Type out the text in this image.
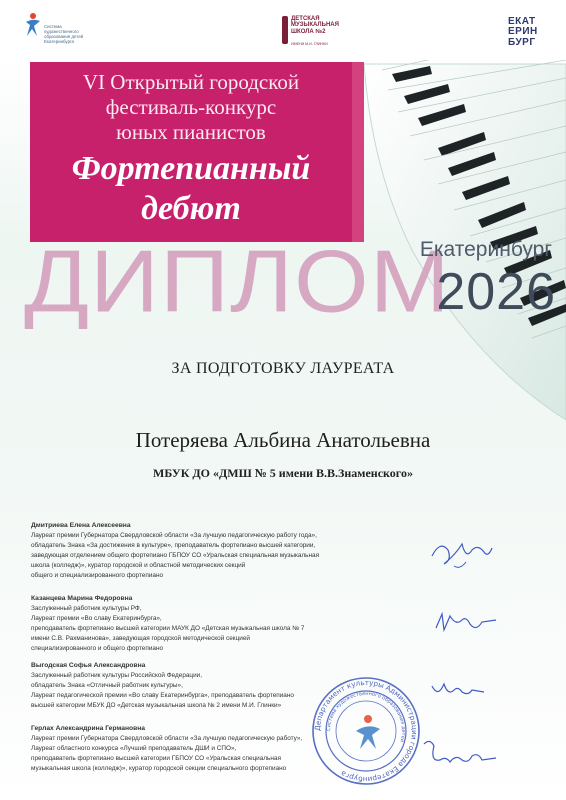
Система художественного образования детей Екатеринбурга
ДЕТСКАЯ МУЗЫКАЛЬНАЯ ШКОЛА №2
ИМЕНИ М.И. ГЛИНКИ
ЕКАТ
ЕРИН
БУРГ
VI Открытый городской
фестиваль-конкурс
юных пианистов
Фортепианный
дебют
ДИПЛОМ
Екатеринбург
2026
ЗА ПОДГОТОВКУ ЛАУРЕАТА
Потеряева Альбина Анатольевна
МБУК ДО «ДМШ № 5 имени В.В.Знаменского»
Дмитриева Елена Алексеевна
Лауреат премии Губернатора Свердловской области «За лучшую педагогическую работу года»,
обладатель Знака «За достижения в культуре», преподаватель фортепиано высшей категории,
заведующая отделением общего фортепиано ГБПОУ СО «Уральская специальная музыкальная
школа (колледж)», куратор городской и областной методических секций
общего и специализированного фортепиано
Казанцева Марина Федоровна
Заслуженный работник культуры РФ,
Лауреат премии «Во славу Екатеринбурга»,
преподаватель фортепиано высшей категории МАУК ДО «Детская музыкальная школа № 7
имени С.В. Рахманинова», заведующая городской методической секцией
специализированного и общего фортепиано
Выгодская Софья Александровна
Заслуженный работник культуры Российской Федерации,
обладатель Знака «Отличный работник культуры»,
Лауреат педагогической премии «Во славу Екатеринбурга», преподаватель фортепиано
высшей категории МБУК ДО «Детская музыкальная школа № 2 имени М.И. Глинки»
Герлах Александрина Германовна
Лауреат премии Губернатора Свердловской области «За лучшую педагогическую работу»,
Лауреат областного конкурса «Лучший преподаватель ДШИ и СПО»,
преподаватель фортепиано высшей категории ГБПОУ СО «Уральская специальная
музыкальная школа (колледж)», куратор городской секции специального фортепиано
Департамент культуры Администрации города Екатеринбурга
Система художественного образования детей
